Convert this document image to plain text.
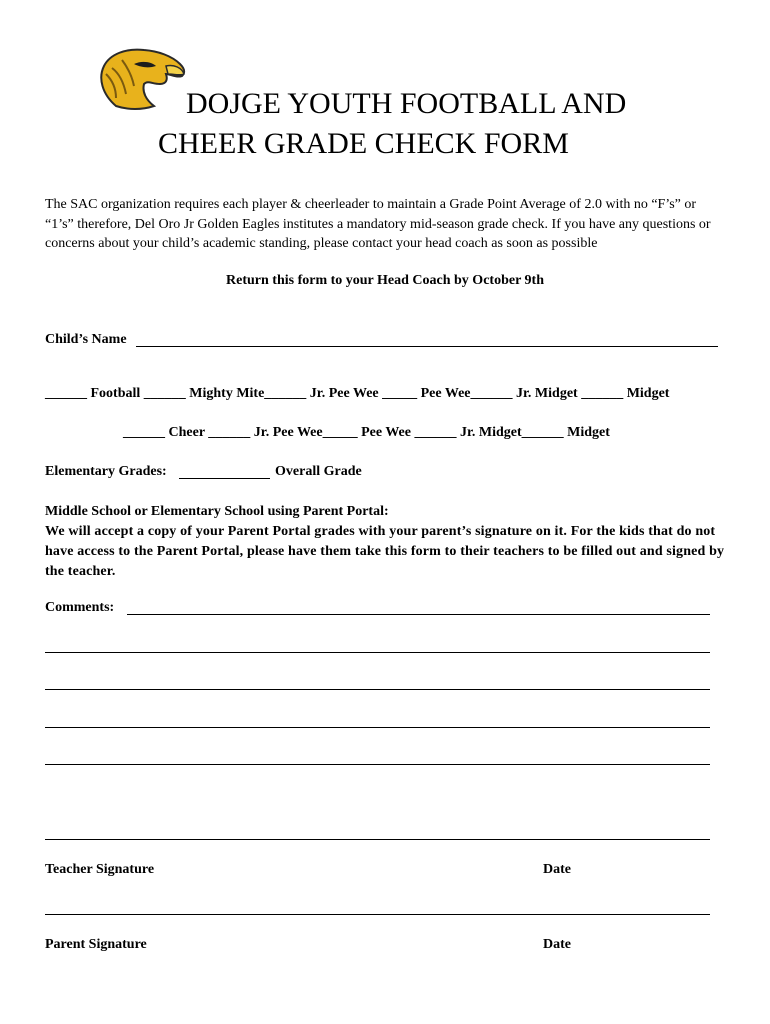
DOJGE YOUTH FOOTBALL AND
CHEER GRADE CHECK FORM
The SAC organization requires each player & cheerleader to maintain a Grade Point Average of 2.0 with no “F’s” or “1’s” therefore, Del Oro Jr Golden Eagles institutes a mandatory mid-season grade check. If you have any questions or concerns about your child’s academic standing, please contact your head coach as soon as possible
Return this form to your Head Coach by October 9th
Child’s Name
______ Football ______ Mighty Mite______ Jr. Pee Wee _____ Pee Wee______ Jr. Midget ______ Midget
______ Cheer ______ Jr. Pee Wee_____ Pee Wee ______ Jr. Midget______ Midget
Elementary Grades:	Overall Grade
Middle School or Elementary School using Parent Portal:
We will accept a copy of your Parent Portal grades with your parent’s signature on it. For the kids that do not have access to the Parent Portal, please have them take this form to their teachers to be filled out and signed by the teacher.
Comments:
Teacher Signature	Date
Parent Signature	Date
